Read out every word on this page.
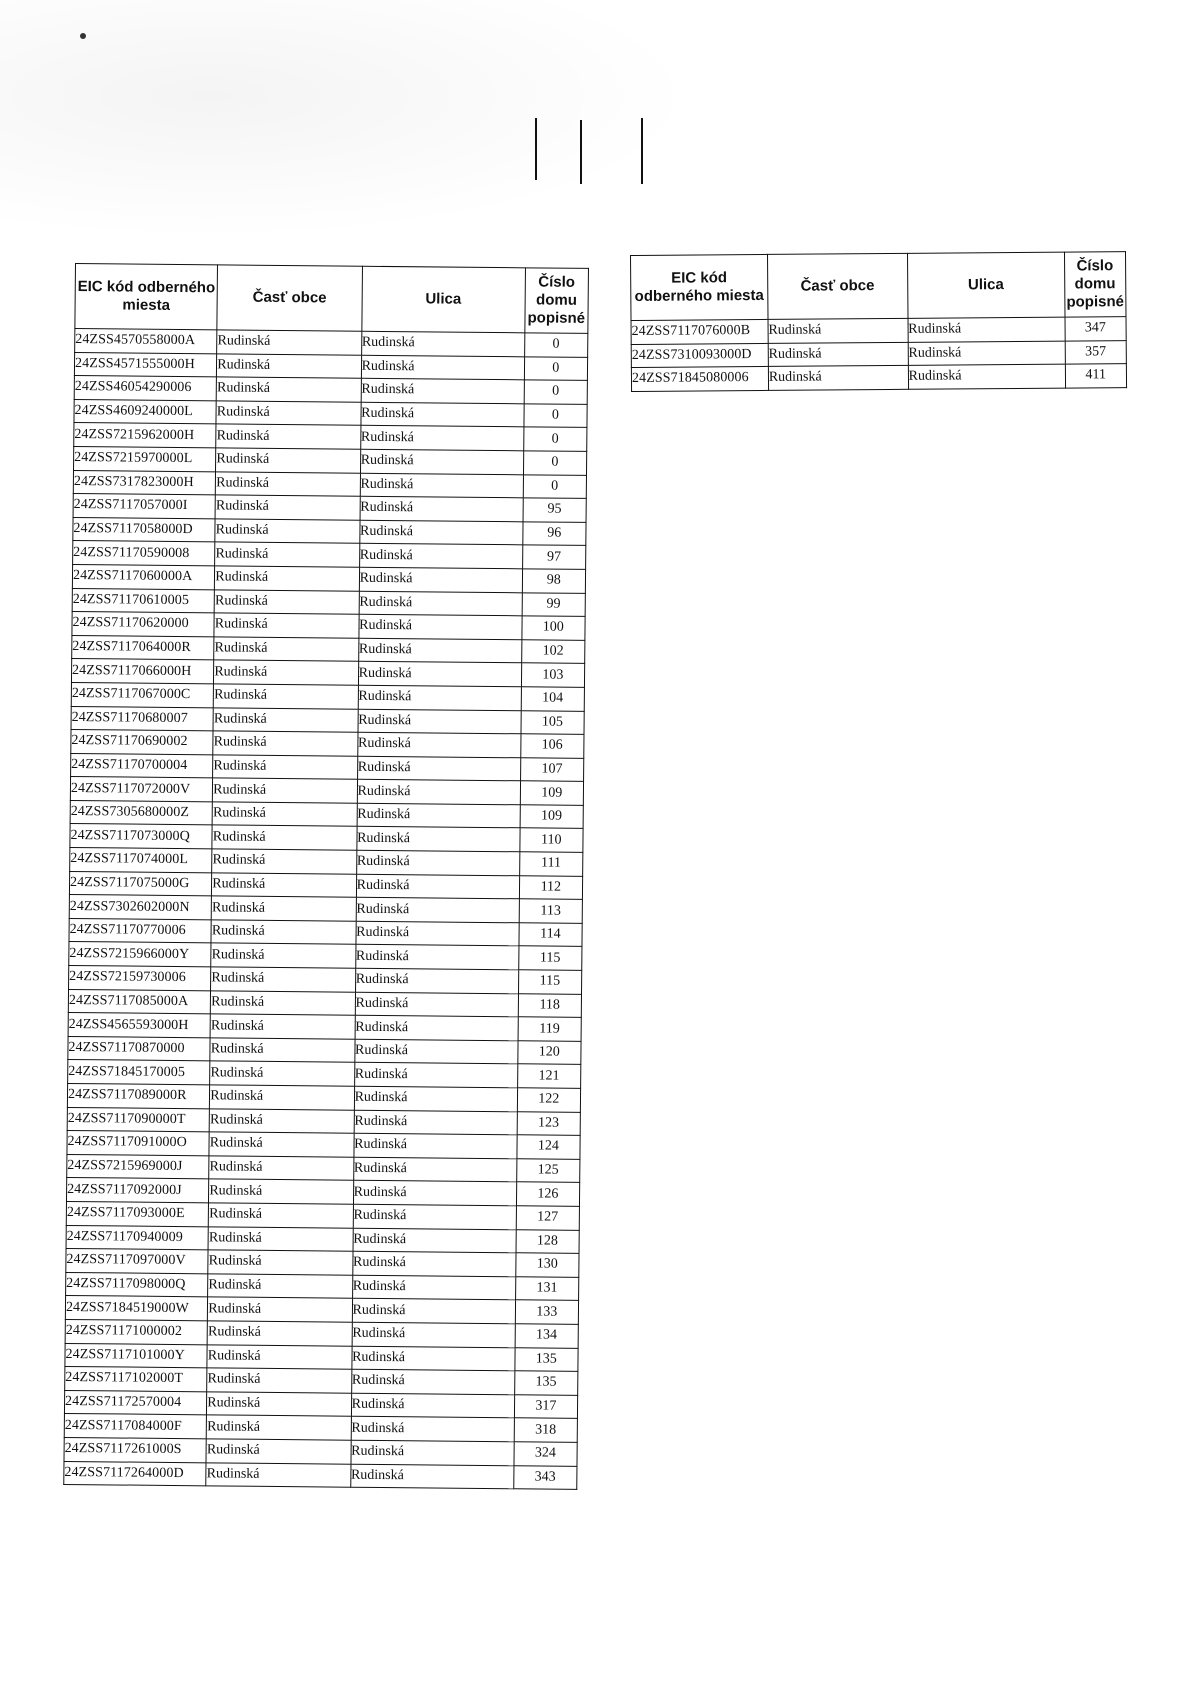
EIC kód odberného miesta	Časť obce	Ulica	Číslo domu popisné
24ZSS4570558000A	Rudinská	Rudinská	0
24ZSS4571555000H	Rudinská	Rudinská	0
24ZSS46054290006	Rudinská	Rudinská	0
24ZSS4609240000L	Rudinská	Rudinská	0
24ZSS7215962000H	Rudinská	Rudinská	0
24ZSS7215970000L	Rudinská	Rudinská	0
24ZSS7317823000H	Rudinská	Rudinská	0
24ZSS7117057000I	Rudinská	Rudinská	95
24ZSS7117058000D	Rudinská	Rudinská	96
24ZSS71170590008	Rudinská	Rudinská	97
24ZSS7117060000A	Rudinská	Rudinská	98
24ZSS71170610005	Rudinská	Rudinská	99
24ZSS71170620000	Rudinská	Rudinská	100
24ZSS7117064000R	Rudinská	Rudinská	102
24ZSS7117066000H	Rudinská	Rudinská	103
24ZSS7117067000C	Rudinská	Rudinská	104
24ZSS71170680007	Rudinská	Rudinská	105
24ZSS71170690002	Rudinská	Rudinská	106
24ZSS71170700004	Rudinská	Rudinská	107
24ZSS7117072000V	Rudinská	Rudinská	109
24ZSS7305680000Z	Rudinská	Rudinská	109
24ZSS7117073000Q	Rudinská	Rudinská	110
24ZSS7117074000L	Rudinská	Rudinská	111
24ZSS7117075000G	Rudinská	Rudinská	112
24ZSS7302602000N	Rudinská	Rudinská	113
24ZSS71170770006	Rudinská	Rudinská	114
24ZSS7215966000Y	Rudinská	Rudinská	115
24ZSS72159730006	Rudinská	Rudinská	115
24ZSS7117085000A	Rudinská	Rudinská	118
24ZSS4565593000H	Rudinská	Rudinská	119
24ZSS71170870000	Rudinská	Rudinská	120
24ZSS71845170005	Rudinská	Rudinská	121
24ZSS7117089000R	Rudinská	Rudinská	122
24ZSS7117090000T	Rudinská	Rudinská	123
24ZSS7117091000O	Rudinská	Rudinská	124
24ZSS7215969000J	Rudinská	Rudinská	125
24ZSS7117092000J	Rudinská	Rudinská	126
24ZSS7117093000E	Rudinská	Rudinská	127
24ZSS71170940009	Rudinská	Rudinská	128
24ZSS7117097000V	Rudinská	Rudinská	130
24ZSS7117098000Q	Rudinská	Rudinská	131
24ZSS7184519000W	Rudinská	Rudinská	133
24ZSS71171000002	Rudinská	Rudinská	134
24ZSS7117101000Y	Rudinská	Rudinská	135
24ZSS7117102000T	Rudinská	Rudinská	135
24ZSS71172570004	Rudinská	Rudinská	317
24ZSS7117084000F	Rudinská	Rudinská	318
24ZSS7117261000S	Rudinská	Rudinská	324
24ZSS7117264000D	Rudinská	Rudinská	343
EIC kód odberného miesta	Časť obce	Ulica	Číslo domu popisné
24ZSS7117076000B	Rudinská	Rudinská	347
24ZSS7310093000D	Rudinská	Rudinská	357
24ZSS71845080006	Rudinská	Rudinská	411
